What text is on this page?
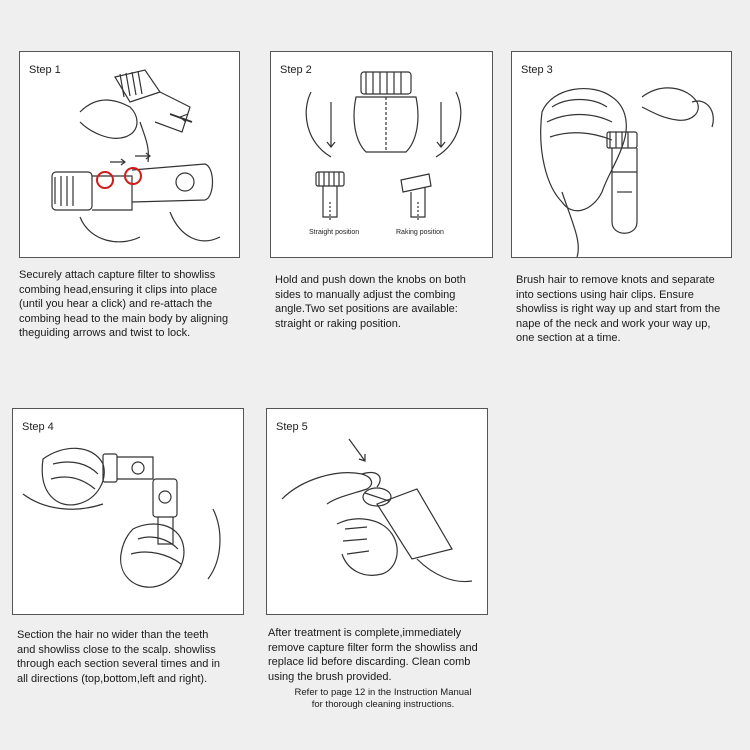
Step 1
Securely attach capture filter to showliss
combing head,ensuring it clips into place
(until you hear a click) and re-attach the
combing head to the main body by aligning
theguiding arrows and twist to lock.
Step 2
Straight position	Raking position
Hold and push down the knobs on both
sides to manually adjust the combing
angle.Two set positions are available:
straight or raking position.
Step 3
Brush hair to remove knots and separate
into sections using hair clips. Ensure
showliss is right way up and start from the
nape of the neck and work your way up,
one section at a time.
Step 4
Section the hair no wider than the teeth
and showliss close to the scalp. showliss
through each section several times and in
all directions (top,bottom,left and right).
Step 5
After treatment is complete,immediately
remove capture filter form the showliss and
replace lid before discarding. Clean comb
using the brush provided.
Refer to page 12 in the Instruction Manual
for thorough cleaning instructions.
